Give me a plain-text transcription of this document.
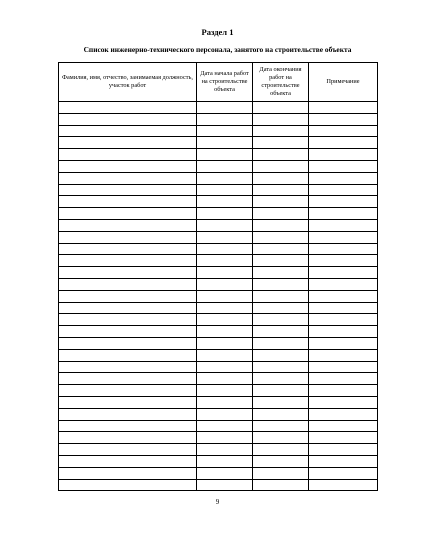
Раздел 1
Список инженерно-технического персонала, занятого на строительстве объекта
Фамилия, имя, отчество, занимаемая должность, участок работ	Дата начала работ на строительстве объекта	Дата окончания работ на строительстве объекта	Примечание

9
